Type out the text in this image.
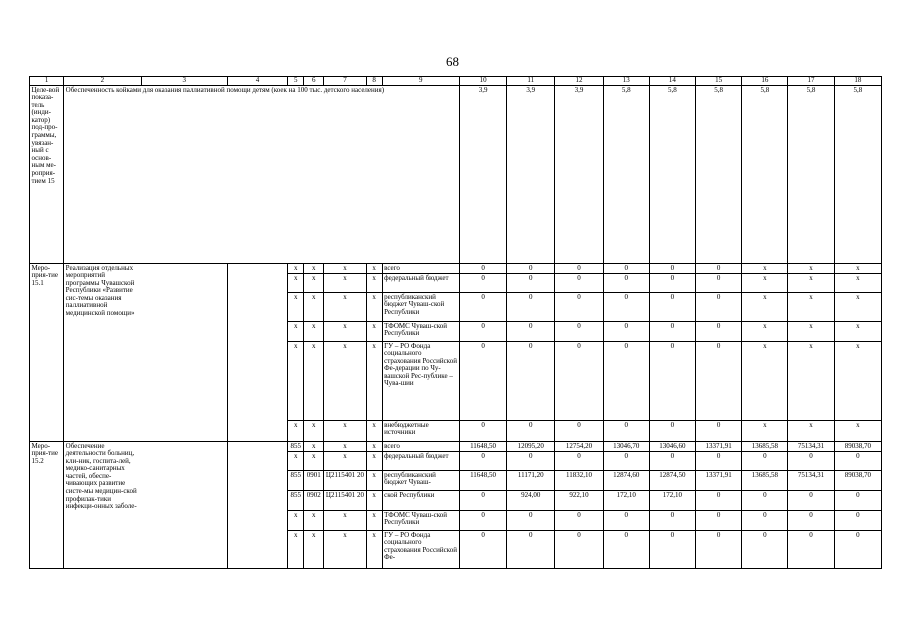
68
1	2	3	4	5	6	7	8	9	10	11	12	13	14	15	16	17	18
Целе-вой показа-тель (инди-катор) под-про-граммы, увязан-ный с основ-ным ме-роприя-тием 15	Обеспеченность койками для оказания паллиативной помощи детям (коек на 100 тыс. детского населения)								3,9	3,9	3,9	5,8	5,8	5,8	5,8	5,8	5,8
Меро-прия-тие 15.1	Реализация отдельных мероприятий программы Чувашской Республики «Развитие сис-темы оказания паллиативной медицинской помощи»			x	x	x	x	всего	0	0	0	0	0	0	x	x	x
				x	x	x	x	федеральный бюджет	0	0	0	0	0	0	x	x	x
				x	x	x	x	республиканский бюджет Чуваш-ской Республики	0	0	0	0	0	0	x	x	x
				x	x	x	x	ТФОМС Чуваш-ской Республики	0	0	0	0	0	0	x	x	x
				x	x	x	x	ГУ – РО Фонда социального страхования Российской Фе-дерации по Чу-вашской Рес-публике – Чува-шии	0	0	0	0	0	0	x	x	x
				x	x	x	x	внебюджетные источники	0	0	0	0	0	0	x	x	x
Меро-прия-тие 15.2	Обеспечение деятельности больниц, кли-ник, госпита-лей, медико-санитарных частей, обеспе-чивающих развитие систе-мы медицин-ской профилак-тики инфекци-онных заболе-			855	x	x	x	всего	11648,50	12095,20	12754,20	13046,70	13046,60	13371,91	13685,58	75134,31	89038,70
				x	x	x	x	федеральный бюджет	0	0	0	0	0	0	0	0	0
				855	0901	Ц2115401 20	x	республиканский бюджет Чуваш-	11648,50	11171,20	11832,10	12874,60	12874,50	13371,91	13685,58	75134,31	89038,70
				855	0902	Ц2115401 20	x	ской Республики	0	924,00	922,10	172,10	172,10	0	0	0	0
				x	x	x	x	ТФОМС Чуваш-ской Республики	0	0	0	0	0	0	0	0	0
				x	x	x	x	ГУ – РО Фонда социального страхования Российской Фе-	0	0	0	0	0	0	0	0	0
